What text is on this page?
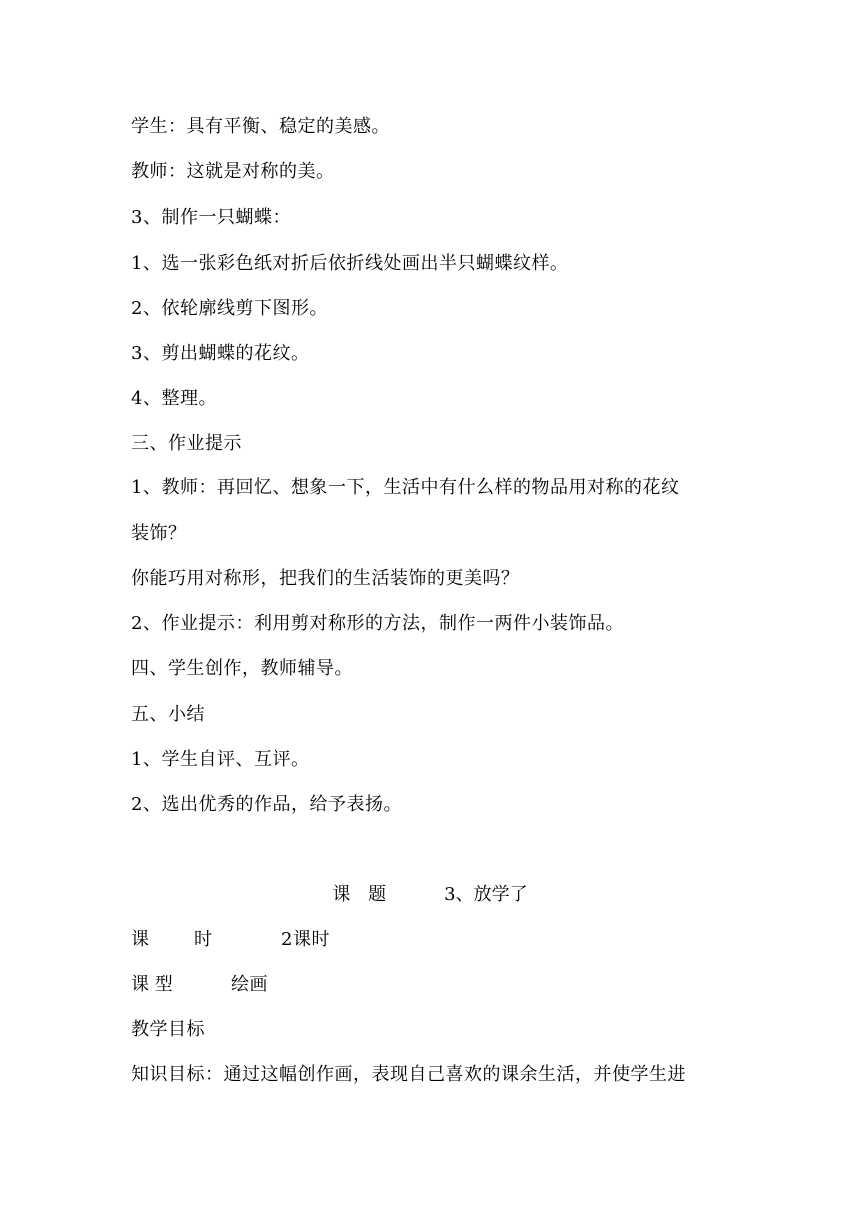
学生：具有平衡、稳定的美感。
教师：这就是对称的美。
3、制作一只蝴蝶：
1、选一张彩色纸对折后依折线处画出半只蝴蝶纹样。
2、依轮廓线剪下图形。
3、剪出蝴蝶的花纹。
4、整理。
三、作业提示
1、教师：再回忆、想象一下，生活中有什么样的物品用对称的花纹
装饰？
你能巧用对称形，把我们的生活装饰的更美吗？
2、作业提示：利用剪对称形的方法，制作一两件小装饰品。
四、学生创作，教师辅导。
五、小结
1、学生自评、互评。
2、选出优秀的作品，给予表扬。
课 题	3、放学了
课	时	2课时
课 型	绘画
教学目标
知识目标：通过这幅创作画，表现自己喜欢的课余生活，并使学生进
